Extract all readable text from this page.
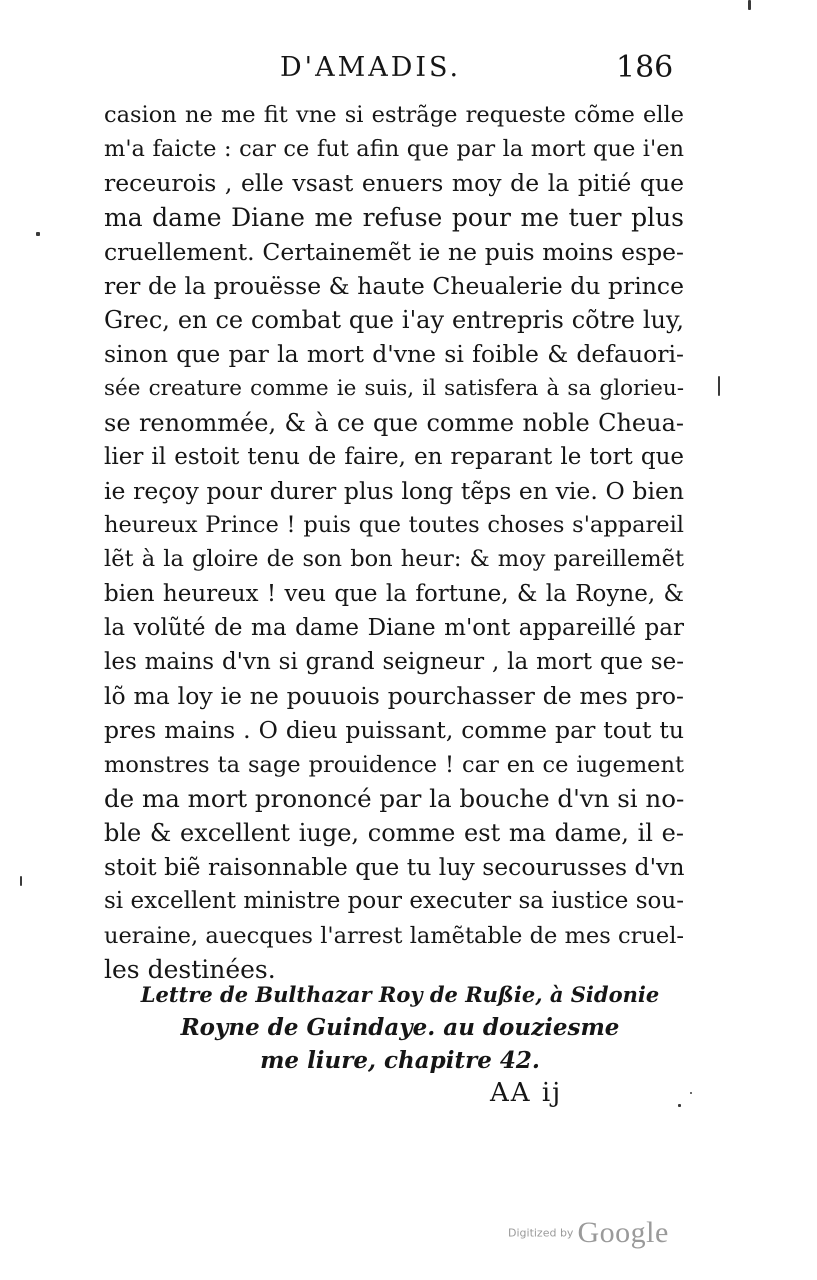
D'AMADIS.	186
casion ne me fit vne si estrãge requeste cõme elle
m'a faicte : car ce fut afin que par la mort que i'en
receurois , elle vsast enuers moy de la pitié que
ma dame Diane me refuse pour me tuer plus
cruellement. Certainemẽt ie ne puis moins espe-
rer de la prouësse & haute Cheualerie du prince
Grec, en ce combat que i'ay entrepris cõtre luy,
sinon que par la mort d'vne si foible & defauori-
sée creature comme ie suis, il satisfera à sa glorieu-
se renommée, & à ce que comme noble Cheua-
lier il estoit tenu de faire, en reparant le tort que
ie reçoy pour durer plus long tẽps en vie. O bien
heureux Prince ! puis que toutes choses s'appareil
lẽt à la gloire de son bon heur: & moy pareillemẽt
bien heureux ! veu que la fortune, & la Royne, &
la volũté de ma dame Diane m'ont appareillé par
les mains d'vn si grand seigneur , la mort que se-
lõ ma loy ie ne pouuois pourchasser de mes pro-
pres mains . O dieu puissant, comme par tout tu
monstres ta sage prouidence ! car en ce iugement
de ma mort prononcé par la bouche d'vn si no-
ble & excellent iuge, comme est ma dame, il e-
stoit biẽ raisonnable que tu luy secourusses d'vn
si excellent ministre pour executer sa iustice sou-
ueraine, auecques l'arrest lamẽtable de mes cruel-
les destinées.
Lettre de Bulthazar Roy de Rußie, à Sidonie
Royne de Guindaye. au douziesme
me liure, chapitre 42.
AA ij
Digitized by Google
